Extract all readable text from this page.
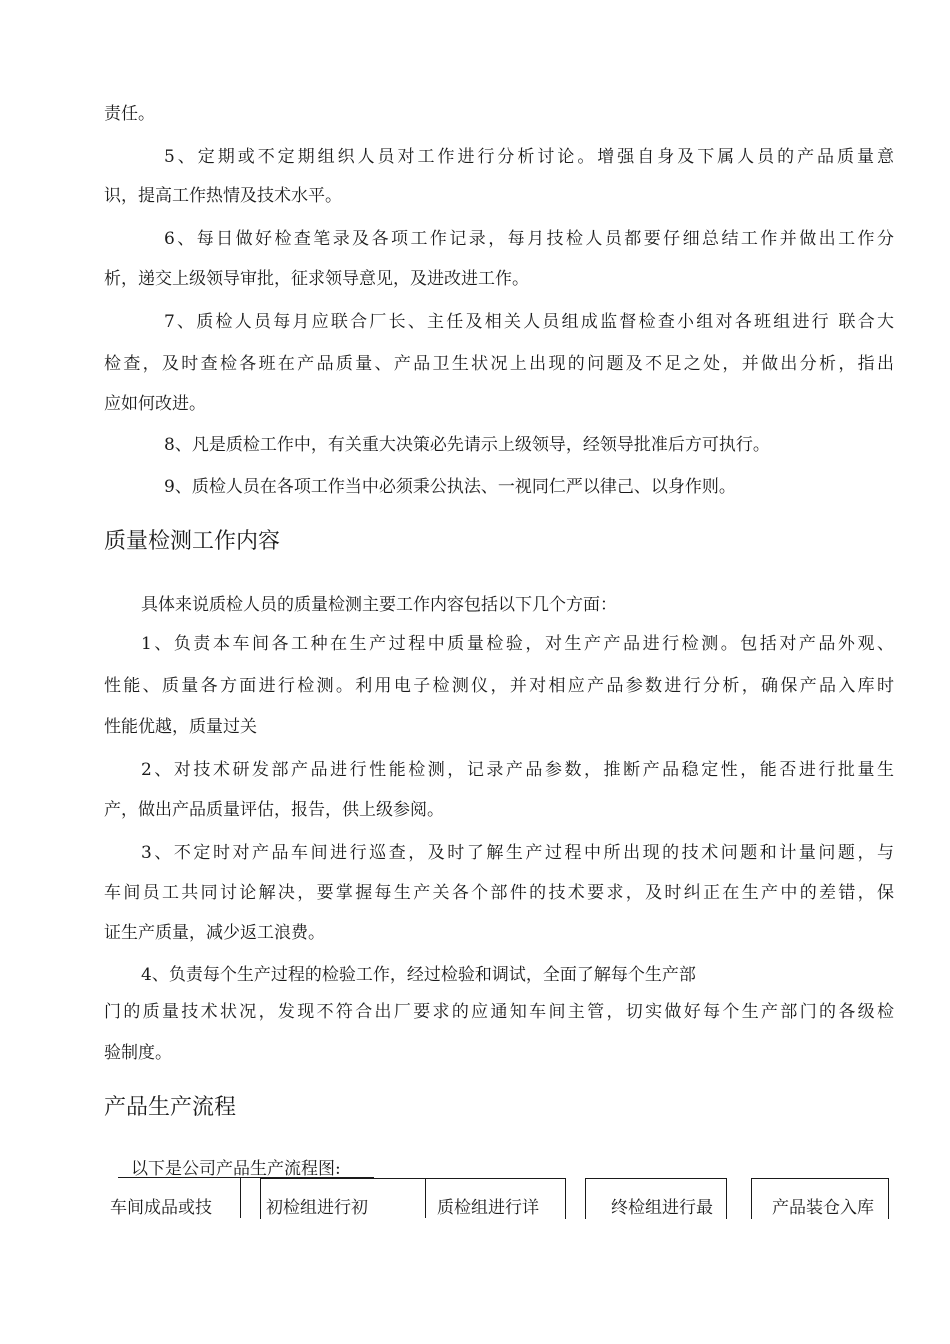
责任。
5、定期或不定期组织人员对工作进行分析讨论。增强自身及下属人员的产品质量意
识，提高工作热情及技术水平。
6、每日做好检查笔录及各项工作记录，每月技检人员都要仔细总结工作并做出工作分
析，递交上级领导审批，征求领导意见，及进改进工作。
7、质检人员每月应联合厂长、主任及相关人员组成监督检查小组对各班组进行 联合大
检查，及时查检各班在产品质量、产品卫生状况上出现的问题及不足之处，并做出分析，指出
应如何改进。
8、凡是质检工作中，有关重大决策必先请示上级领导，经领导批准后方可执行。
9、质检人员在各项工作当中必须秉公执法、一视同仁严以律己、以身作则。
质量检测工作内容
具体来说质检人员的质量检测主要工作内容包括以下几个方面：
1、负责本车间各工种在生产过程中质量检验，对生产产品进行检测。包括对产品外观、
性能、质量各方面进行检测。利用电子检测仪，并对相应产品参数进行分析，确保产品入库时
性能优越，质量过关
2、对技术研发部产品进行性能检测，记录产品参数，推断产品稳定性，能否进行批量生
产，做出产品质量评估，报告，供上级参阅。
3、不定时对产品车间进行巡查，及时了解生产过程中所出现的技术问题和计量问题，与
车间员工共同讨论解决，要掌握每生产关各个部件的技术要求，及时纠正在生产中的差错，保
证生产质量，减少返工浪费。
4、负责每个生产过程的检验工作，经过检验和调试，全面了解每个生产部
门的质量技术状况，发现不符合出厂要求的应通知车间主管，切实做好每个生产部门的各级检
验制度。
产品生产流程
以下是公司产品生产流程图:
车间成品或技	初检组进行初	质检组进行详	终检组进行最	产品装仓入库
